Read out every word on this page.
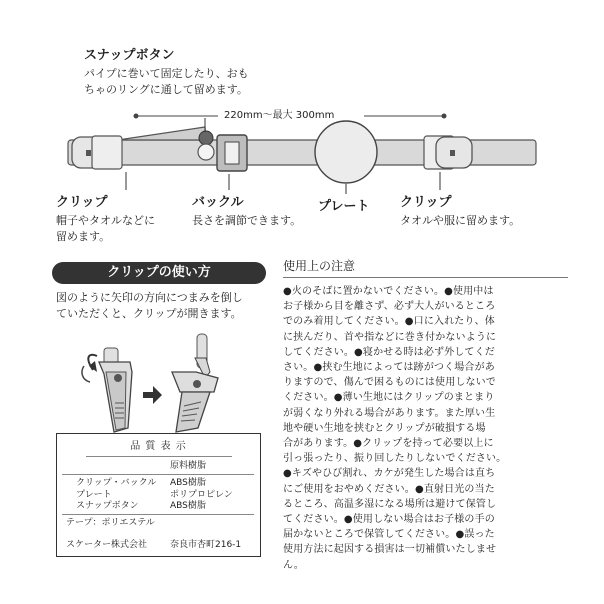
スナップボタン
パイプに巻いて固定したり、おも
ちゃのリングに通して留めます。
220mm〜最大 300mm
クリップ
帽子やタオルなどに
留めます。
バックル
長さを調節できます。
プレート クリップ
タオルや服に留めます。
クリップの使い方
図のように矢印の方向につまみを倒し
ていただくと、クリップが開きます。
品 質 表 示
原料樹脂
クリップ・バックル ABS樹脂
プレート	ポリプロピレン
スナップボタン	ABS樹脂
テープ：ポリエステル
スケーター株式会社	奈良市杏町216-1
使用上の注意
●火のそばに置かないでください。●使用中は
お子様から目を離さず、必ず大人がいるところ
でのみ着用してください。●口に入れたり、体
に挟んだり、首や指などに巻き付かないように
してください。●寝かせる時は必ず外してくだ
さい。●挟む生地によっては跡がつく場合があ
りますので、傷んで困るものには使用しないで
ください。●薄い生地にはクリップのまとまり
が弱くなり外れる場合があります。また厚い生
地や硬い生地を挟むとクリップが破損する場
合があります。●クリップを持って必要以上に
引っ張ったり、振り回したりしないでください。
●キズやひび割れ、カケが発生した場合は直ち
にご使用をおやめください。●直射日光の当た
るところ、高温多湿になる場所は避けて保管し
てください。●使用しない場合はお子様の手の
届かないところで保管してください。●誤った
使用方法に起因する損害は一切補償いたしませ
ん。
